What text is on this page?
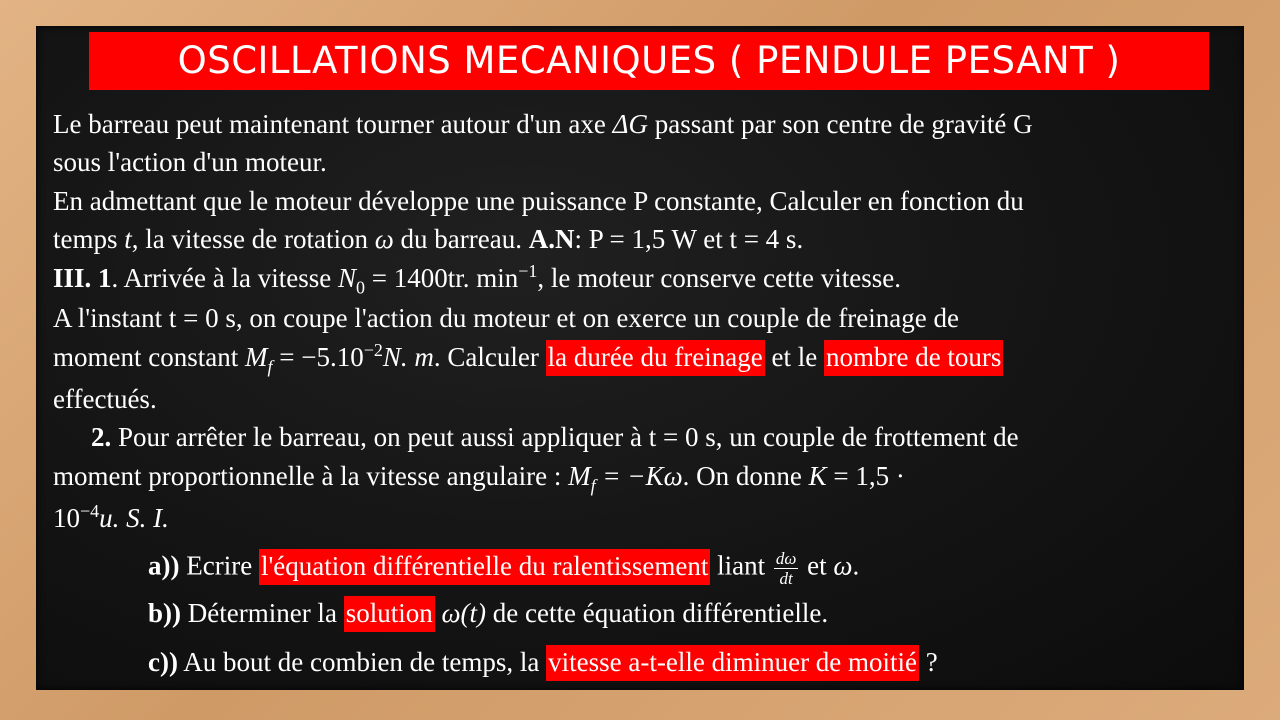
OSCILLATIONS MECANIQUES ( PENDULE PESANT )
Le barreau peut maintenant tourner autour d'un axe ΔG passant par son centre de gravité G
sous l'action d'un moteur.
En admettant que le moteur développe une puissance P constante, Calculer en fonction du
temps t, la vitesse de rotation ω du barreau. A.N: P = 1,5 W et t = 4 s.
III. 1. Arrivée à la vitesse $N_0 = 1400tr$. $\min^{-1}$, le moteur conserve cette vitesse.
A l'instant t = 0 s, on coupe l'action du moteur et on exerce un couple de freinage de
moment constant $M_f = -5.10^{-2}N$. m. Calculer la durée du freinage et le nombre de tours
effectués.
2. Pour arrêter le barreau, on peut aussi appliquer à t = 0 s, un couple de frottement de
moment proportionnelle à la vitesse angulaire : $M_f = -K\omega$. On donne K = 1,5 ·
$10^{-4}u$. S. I.
a)) Ecrire l'équation différentielle du ralentissement liant $\frac{d\omega}{dt}$ et ω.
b)) Déterminer la solution ω(t) de cette équation différentielle.
c)) Au bout de combien de temps, la vitesse a-t-elle diminuer de moitié ?
